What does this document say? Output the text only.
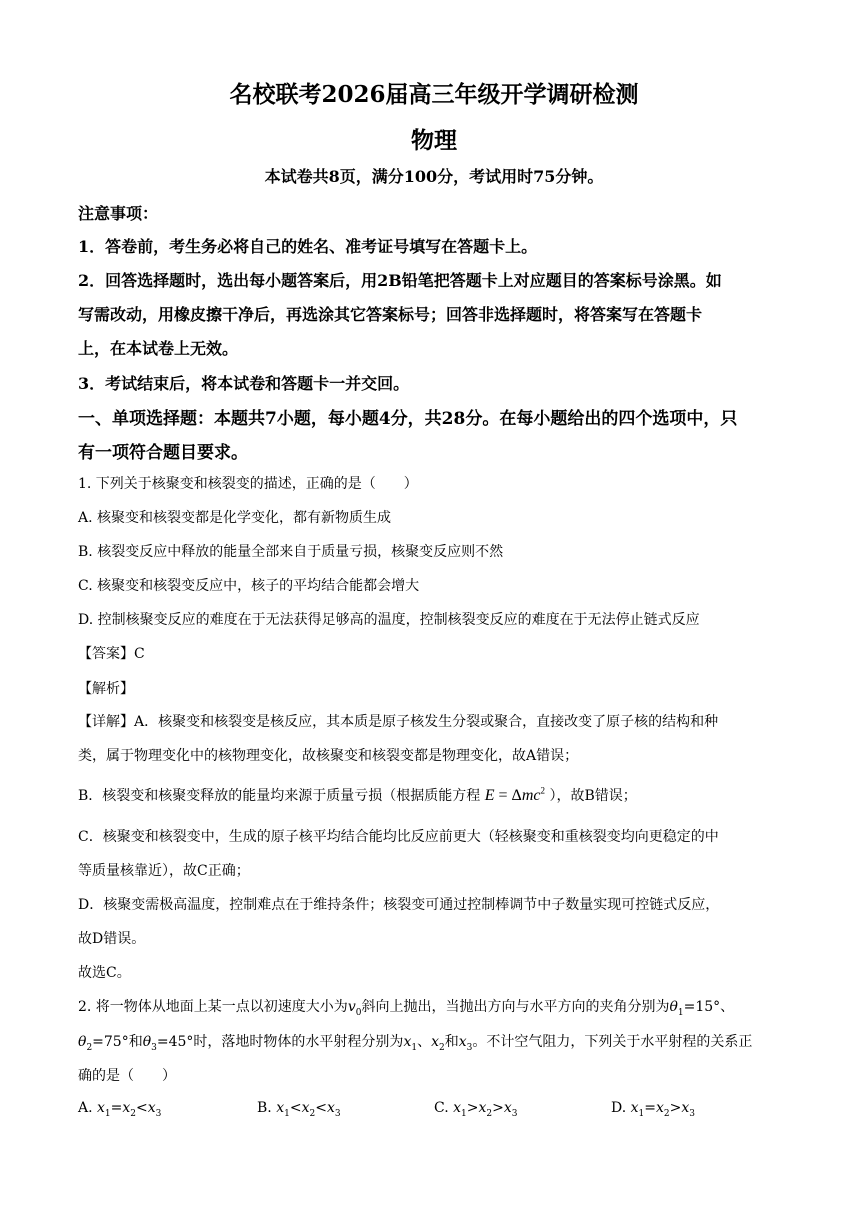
名校联考2026届高三年级开学调研检测
物理
本试卷共8页，满分100分，考试用时75分钟。
注意事项：
1．答卷前，考生务必将自己的姓名、准考证号填写在答题卡上。
2．回答选择题时，选出每小题答案后，用2B铅笔把答题卡上对应题目的答案标号涂黑。如
写需改动，用橡皮擦干净后，再选涂其它答案标号；回答非选择题时，将答案写在答题卡
上，在本试卷上无效。
3．考试结束后，将本试卷和答题卡一并交回。
一、单项选择题：本题共7小题，每小题4分，共28分。在每小题给出的四个选项中，只
有一项符合题目要求。
1. 下列关于核聚变和核裂变的描述，正确的是（　　）
A. 核聚变和核裂变都是化学变化，都有新物质生成
B. 核裂变反应中释放的能量全部来自于质量亏损，核聚变反应则不然
C. 核聚变和核裂变反应中，核子的平均结合能都会增大
D. 控制核聚变反应的难度在于无法获得足够高的温度，控制核裂变反应的难度在于无法停止链式反应
【答案】C
【解析】
【详解】A．核聚变和核裂变是核反应，其本质是原子核发生分裂或聚合，直接改变了原子核的结构和种
类，属于物理变化中的核物理变化，故核聚变和核裂变都是物理变化，故A错误；
B．核裂变和核聚变释放的能量均来源于质量亏损（根据质能方程 E = Δmc$^2$ ），故B错误；
C．核聚变和核裂变中，生成的原子核平均结合能均比反应前更大（轻核聚变和重核裂变均向更稳定的中
等质量核靠近），故C正确；
D．核聚变需极高温度，控制难点在于维持条件；核裂变可通过控制棒调节中子数量实现可控链式反应，
故D错误。
故选C。
2. 将一物体从地面上某一点以初速度大小为$v_0$斜向上抛出，当抛出方向与水平方向的夹角分别为$\theta_1=15^\circ$、
$\theta_2=75^\circ$和$\theta_3=45^\circ$时，落地时物体的水平射程分别为$x_1$、$x_2$和$x_3$。不计空气阻力，下列关于水平射程的关系正
确的是（　　）
A. $x_1=x_2<x_3$	B. $x_1<x_2<x_3$	C. $x_1>x_2>x_3$	D. $x_1=x_2>x_3$
